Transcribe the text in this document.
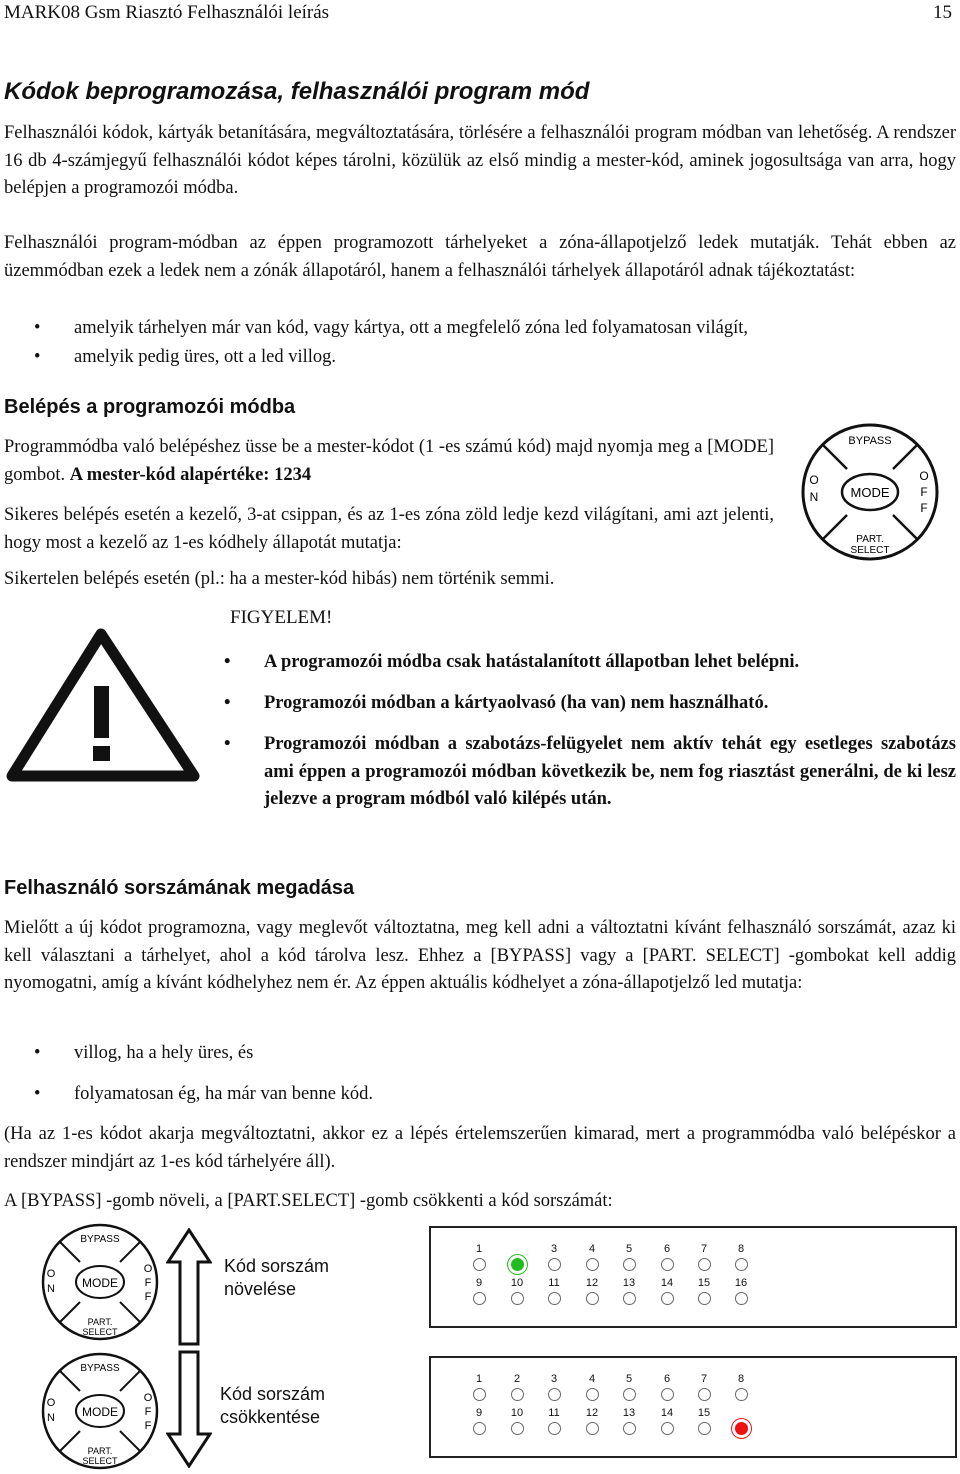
MARK08 Gsm Riasztó Felhasználói leírás	15
Kódok beprogramozása, felhasználói program mód
Felhasználói kódok, kártyák betanítására, megváltoztatására, törlésére a felhasználói program módban van lehetőség. A rendszer 16 db 4-számjegyű felhasználói kódot képes tárolni, közülük az első mindig a mester-kód, aminek jogosultsága van arra, hogy belépjen a programozói módba.
Felhasználói program-módban az éppen programozott tárhelyeket a zóna-állapotjelző ledek mutatják. Tehát ebben az üzemmódban ezek a ledek nem a zónák állapotáról, hanem a felhasználói tárhelyek állapotáról adnak tájékoztatást:
• amelyik tárhelyen már van kód, vagy kártya, ott a megfelelő zóna led folyamatosan világít,
• amelyik pedig üres, ott a led villog.
Belépés a programozói módba
Programmódba való belépéshez üsse be a mester-kódot (1 -es számú kód) majd nyomja meg a [MODE] gombot. A mester-kód alapértéke: 1234
Sikeres belépés esetén a kezelő, 3-at csippan, és az 1-es zóna zöld ledje kezd világítani, ami azt jelenti, hogy most a kezelő az 1-es kódhely állapotát mutatja:
Sikertelen belépés esetén (pl.: ha a mester-kód hibás) nem történik semmi.
BYPASS
MODE
O
N
O
F
F
PART.
SELECT
FIGYELEM!
• A programozói módba csak hatástalanított állapotban lehet belépni.
• Programozói módban a kártyaolvasó (ha van) nem használható.
• Programozói módban a szabotázs-felügyelet nem aktív tehát egy esetleges szabotázs ami éppen a programozói módban következik be, nem fog riasztást generálni, de ki lesz jelezve a program módból való kilépés után.
Felhasználó sorszámának megadása
Mielőtt a új kódot programozna, vagy meglevőt változtatna, meg kell adni a változtatni kívánt felhasználó sorszámát, azaz ki kell választani a tárhelyet, ahol a kód tárolva lesz. Ehhez a [BYPASS] vagy a [PART. SELECT] -gombokat kell addig nyomogatni, amíg a kívánt kódhelyhez nem ér. Az éppen aktuális kódhelyet a zóna-állapotjelző led mutatja:
• villog, ha a hely üres, és
• folyamatosan ég, ha már van benne kód.
(Ha az 1-es kódot akarja megváltoztatni, akkor ez a lépés értelemszerűen kimarad, mert a programmódba való belépéskor a rendszer mindjárt az 1-es kód tárhelyére áll).
A [BYPASS] -gomb növeli, a [PART.SELECT] -gomb csökkenti a kód sorszámát:
BYPASS
MODE
O
N
O
F
F
PART.
SELECT
Kód sorszám
növelése
1	3	4	5	6	7	8
9	10 11 12 13 14 15 16
BYPASS
MODE
O
N
O
F
F
PART.
SELECT
Kód sorszám
csökkentése
1	2	3	4	5	6	7	8
9	10 11 12 13 14 15
